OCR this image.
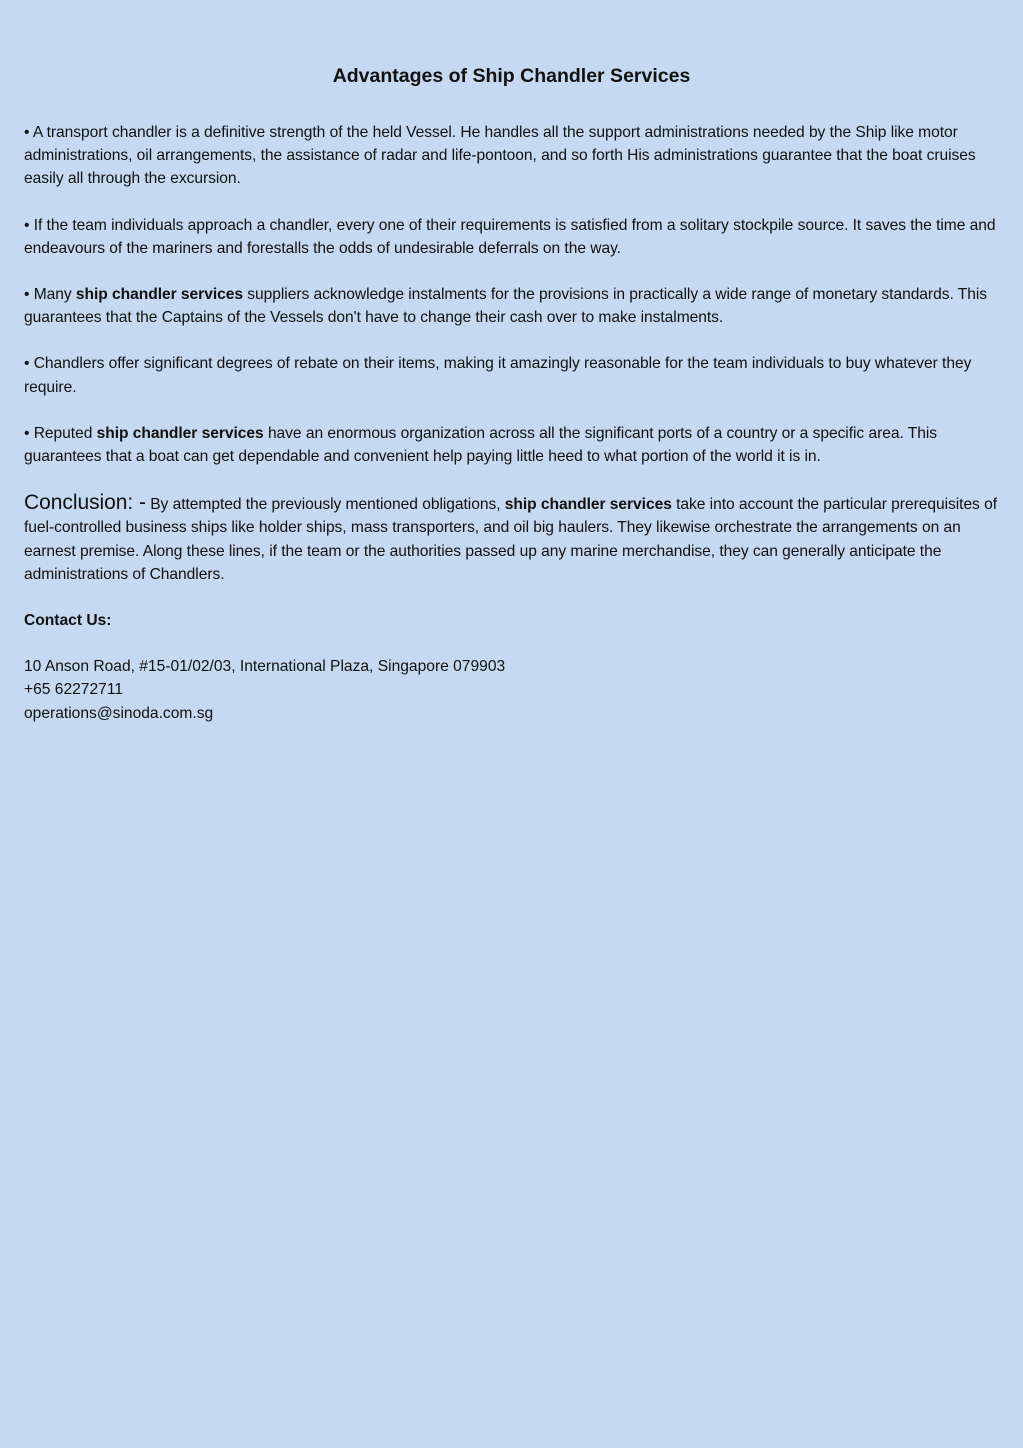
Advantages of Ship Chandler Services

• A transport chandler is a definitive strength of the held Vessel. He handles all the support administrations needed by the Ship like motor administrations, oil arrangements, the assistance of radar and life-pontoon, and so forth His administrations guarantee that the boat cruises easily all through the excursion.

• If the team individuals approach a chandler, every one of their requirements is satisfied from a solitary stockpile source. It saves the time and endeavours of the mariners and forestalls the odds of undesirable deferrals on the way.

• Many ship chandler services suppliers acknowledge instalments for the provisions in practically a wide range of monetary standards. This guarantees that the Captains of the Vessels don't have to change their cash over to make instalments.

• Chandlers offer significant degrees of rebate on their items, making it amazingly reasonable for the team individuals to buy whatever they require.

• Reputed ship chandler services have an enormous organization across all the significant ports of a country or a specific area. This guarantees that a boat can get dependable and convenient help paying little heed to what portion of the world it is in.

Conclusion: - By attempted the previously mentioned obligations, ship chandler services take into account the particular prerequisites of fuel-controlled business ships like holder ships, mass transporters, and oil big haulers. They likewise orchestrate the arrangements on an earnest premise. Along these lines, if the team or the authorities passed up any marine merchandise, they can generally anticipate the administrations of Chandlers.

Contact Us:

10 Anson Road, #15-01/02/03, International Plaza, Singapore 079903

+65 62272711

operations@sinoda.com.sg
